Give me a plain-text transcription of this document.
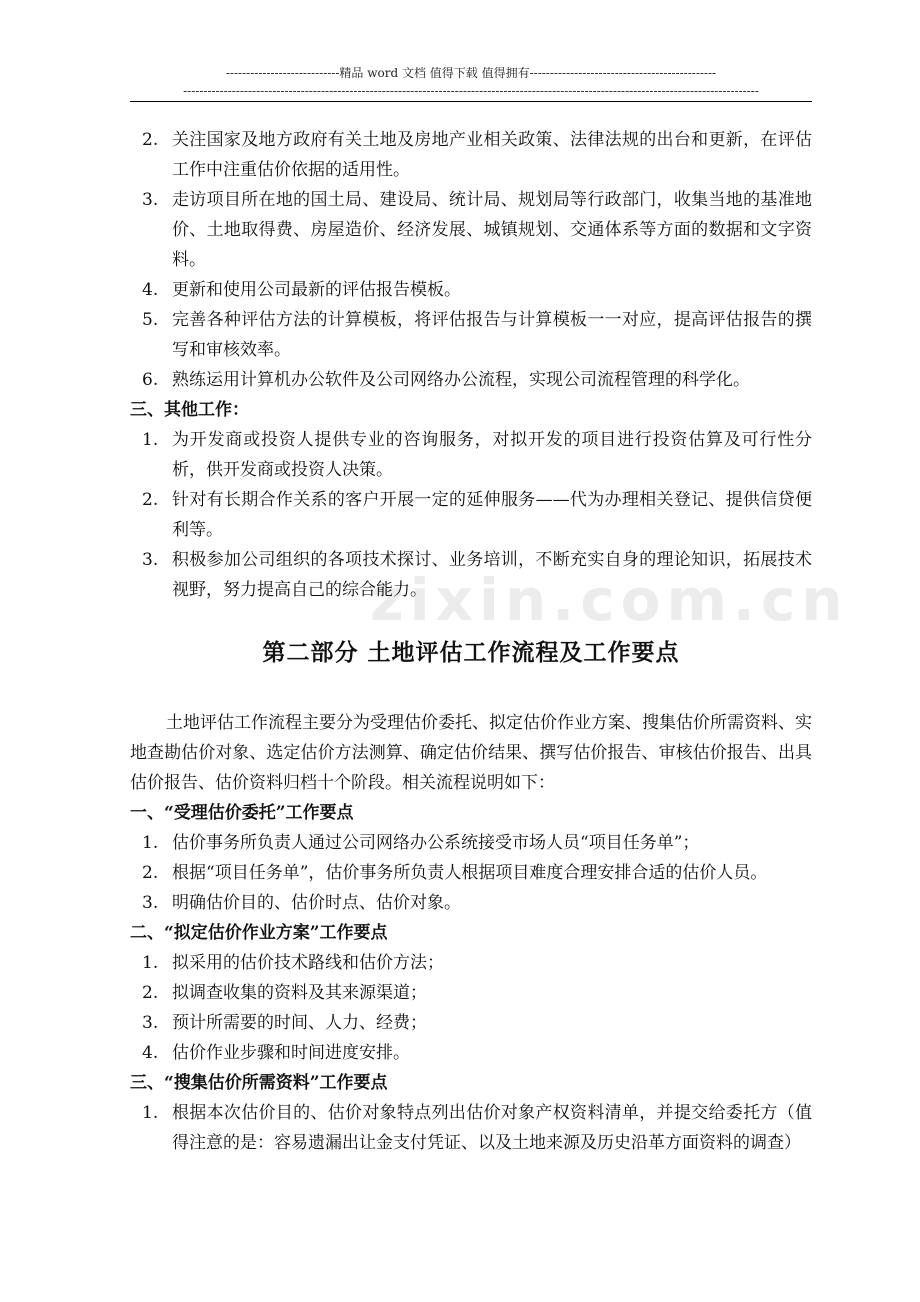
----------------------------精品 word 文档 值得下载 值得拥有----------------------------------------------
----------------------------------------------------------------------------------------------------------------------------------------------
zixin.com.cn
2. 关注国家及地方政府有关土地及房地产业相关政策、法律法规的出台和更新，在评估工作中注重估价依据的适用性。
3. 走访项目所在地的国土局、建设局、统计局、规划局等行政部门，收集当地的基准地价、土地取得费、房屋造价、经济发展、城镇规划、交通体系等方面的数据和文字资料。
4. 更新和使用公司最新的评估报告模板。
5. 完善各种评估方法的计算模板，将评估报告与计算模板一一对应，提高评估报告的撰写和审核效率。
6. 熟练运用计算机办公软件及公司网络办公流程，实现公司流程管理的科学化。
三、其他工作：
1. 为开发商或投资人提供专业的咨询服务，对拟开发的项目进行投资估算及可行性分析，供开发商或投资人决策。
2. 针对有长期合作关系的客户开展一定的延伸服务——代为办理相关登记、提供信贷便利等。
3. 积极参加公司组织的各项技术探讨、业务培训，不断充实自身的理论知识，拓展技术视野，努力提高自己的综合能力。
第二部分 土地评估工作流程及工作要点
土地评估工作流程主要分为受理估价委托、拟定估价作业方案、搜集估价所需资料、实地查勘估价对象、选定估价方法测算、确定估价结果、撰写估价报告、审核估价报告、出具估价报告、估价资料归档十个阶段。相关流程说明如下：
一、“受理估价委托”工作要点
1. 估价事务所负责人通过公司网络办公系统接受市场人员“项目任务单”；
2. 根据“项目任务单”，估价事务所负责人根据项目难度合理安排合适的估价人员。
3. 明确估价目的、估价时点、估价对象。
二、“拟定估价作业方案”工作要点
1. 拟采用的估价技术路线和估价方法；
2. 拟调查收集的资料及其来源渠道；
3. 预计所需要的时间、人力、经费；
4. 估价作业步骤和时间进度安排。
三、“搜集估价所需资料”工作要点
1. 根据本次估价目的、估价对象特点列出估价对象产权资料清单，并提交给委托方（值得注意的是：容易遗漏出让金支付凭证、以及土地来源及历史沿革方面资料的调查）
